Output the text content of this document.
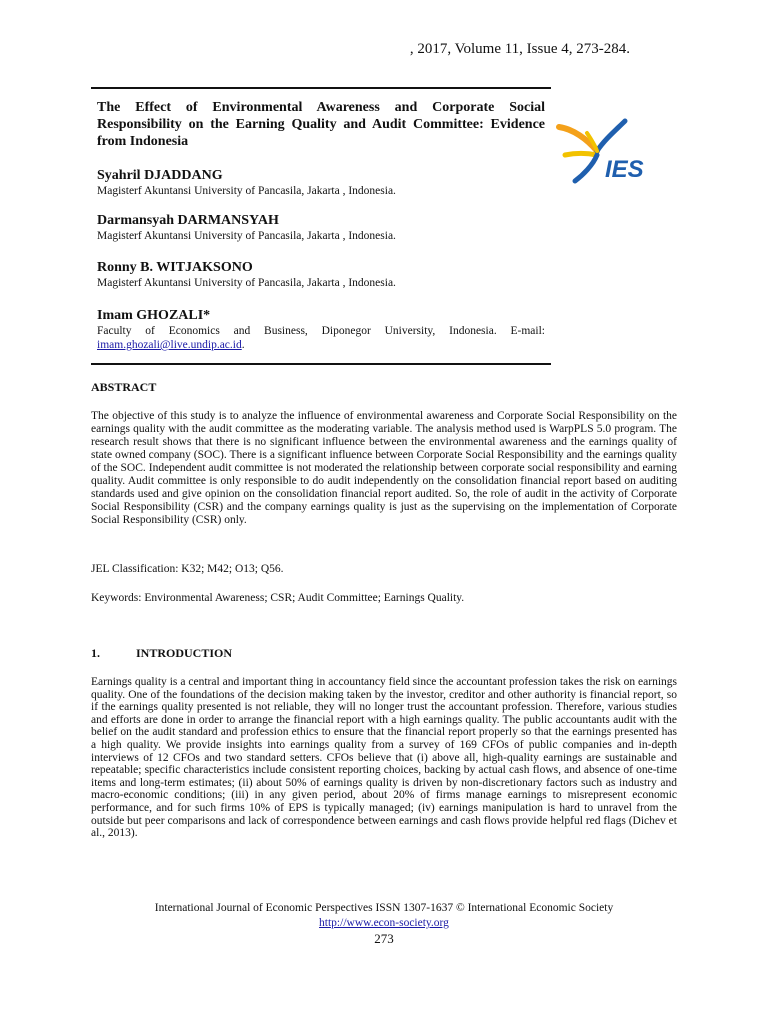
, 2017, Volume 11, Issue 4, 273-284.
The Effect of Environmental Awareness and Corporate Social Responsibility on the Earning Quality and Audit Committee: Evidence from Indonesia
IES
Syahril DJADDANG
Magisterf Akuntansi University of Pancasila, Jakarta , Indonesia.
Darmansyah DARMANSYAH
Magisterf Akuntansi University of Pancasila, Jakarta , Indonesia.
Ronny B. WITJAKSONO
Magisterf Akuntansi University of Pancasila, Jakarta , Indonesia.
Imam GHOZALI*
Faculty of Economics and Business, Diponegor University, Indonesia. E-mail:
imam.ghozali@live.undip.ac.id.
ABSTRACT
The objective of this study is to analyze the influence of environmental awareness and Corporate Social Responsibility on the earnings quality with the audit committee as the moderating variable. The analysis method used is WarpPLS 5.0 program. The research result shows that there is no significant influence between the environmental awareness and the earnings quality of state owned company (SOC). There is a significant influence between Corporate Social Responsibility and the earnings quality of the SOC. Independent audit committee is not moderated the relationship between corporate social responsibility and earning quality. Audit committee is only responsible to do audit independently on the consolidation financial report based on auditing standards used and give opinion on the consolidation financial report audited. So, the role of audit in the activity of Corporate Social Responsibility (CSR) and the company earnings quality is just as the supervising on the implementation of Corporate Social Responsibility (CSR) only.
JEL Classification: K32; M42; O13; Q56.
Keywords: Environmental Awareness; CSR; Audit Committee; Earnings Quality.
1.	INTRODUCTION
Earnings quality is a central and important thing in accountancy field since the accountant profession takes the risk on earnings quality. One of the foundations of the decision making taken by the investor, creditor and other authority is financial report, so if the earnings quality presented is not reliable, they will no longer trust the accountant profession. Therefore, various studies and efforts are done in order to arrange the financial report with a high earnings quality. The public accountants audit with the belief on the audit standard and profession ethics to ensure that the financial report properly so that the earnings presented has a high quality. We provide insights into earnings quality from a survey of 169 CFOs of public companies and in-depth interviews of 12 CFOs and two standard setters. CFOs believe that (i) above all, high-quality earnings are sustainable and repeatable; specific characteristics include consistent reporting choices, backing by actual cash flows, and absence of one-time items and long-term estimates; (ii) about 50% of earnings quality is driven by non-discretionary factors such as industry and macro-economic conditions; (iii) in any given period, about 20% of firms manage earnings to misrepresent economic performance, and for such firms 10% of EPS is typically managed; (iv) earnings manipulation is hard to unravel from the outside but peer comparisons and lack of correspondence between earnings and cash flows provide helpful red flags (Dichev et al., 2013).
International Journal of Economic Perspectives ISSN 1307-1637 © International Economic Society
http://www.econ-society.org
273
